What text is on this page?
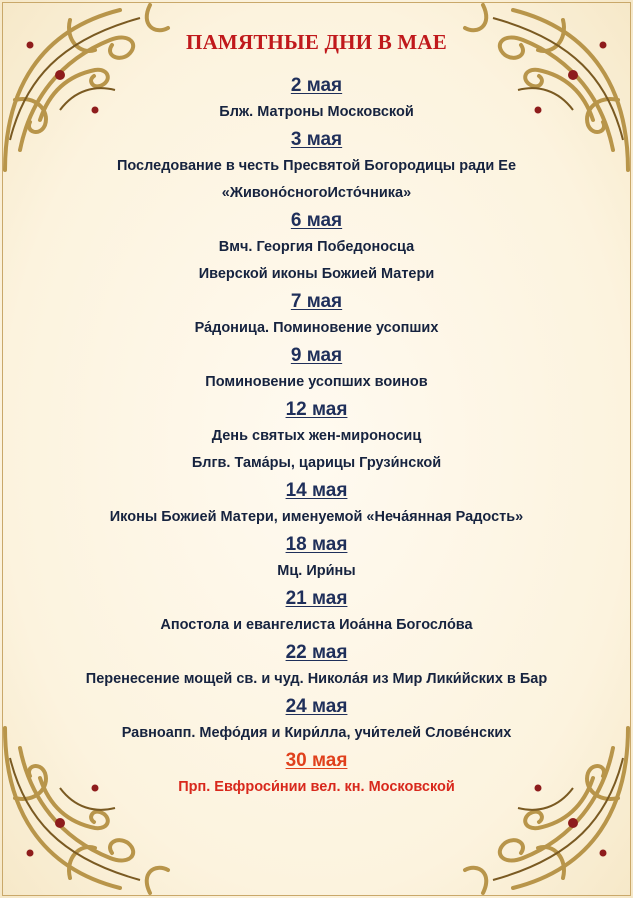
ПАМЯТНЫЕ ДНИ В МАЕ
2 мая
Блж. Матроны Московской
3 мая
Последование в честь Пресвятой Богородицы ради Ее
«Живоно́сногоИсто́чника»
6 мая
Вмч. Георгия Победоносца
Иверской иконы Божией Матери
7 мая
Ра́доница. Поминовение усопших
9 мая
Поминовение усопших воинов
12 мая
День святых жен-мироносиц
Блгв. Тама́ры, царицы Грузи́нской
14 мая
Иконы Божией Матери, именуемой «Неча́янная Радость»
18 мая
Мц. Ири́ны
21 мая
Апостола и евангелиста Иоа́нна Богосло́ва
22 мая
Перенесение мощей св. и чуд. Никола́я из Мир Лики́йских в Бар
24 мая
Равноапп. Мефо́дия и Кири́лла, учи́телей Слове́нских
30 мая
Прп. Евфроси́нии вел. кн. Московской
